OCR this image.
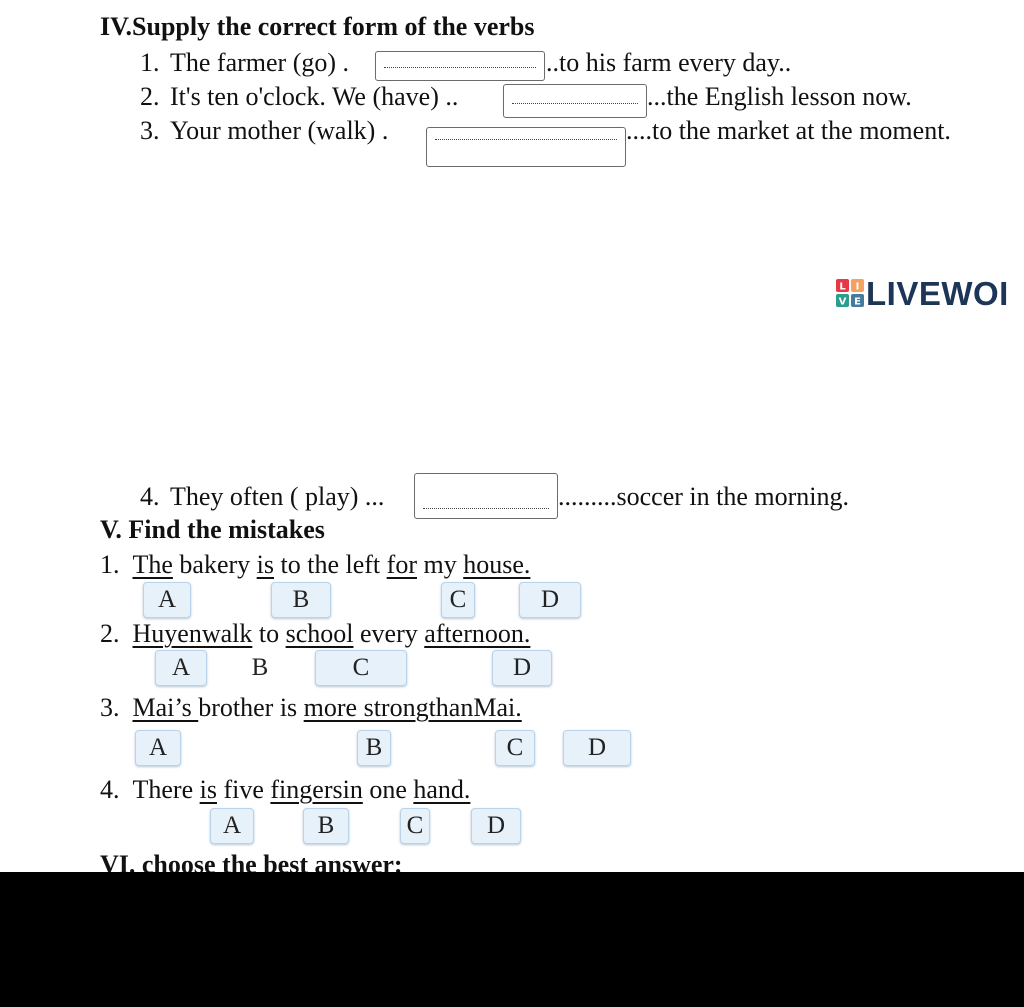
IV.Supply the correct form of the verbs
1. The farmer (go) .	..to his farm every day..
2. It's ten o'clock. We (have) ..	...the English lesson now.
3. Your mother (walk) .	....to the market at the moment.
L I
V E LIVEWOI
4. They often ( play) ...	.........soccer in the morning.
V. Find the mistakes
1. The bakery is to the left for my house.
A	B	C	D
2. Huyenwalk to school every afternoon.
A	B	C	D
3. Mai’s brother is more strongthanMai.
A	B	C	D
4. There is five fingersin one hand.
A	B	C	D
VI. choose the best answer:
